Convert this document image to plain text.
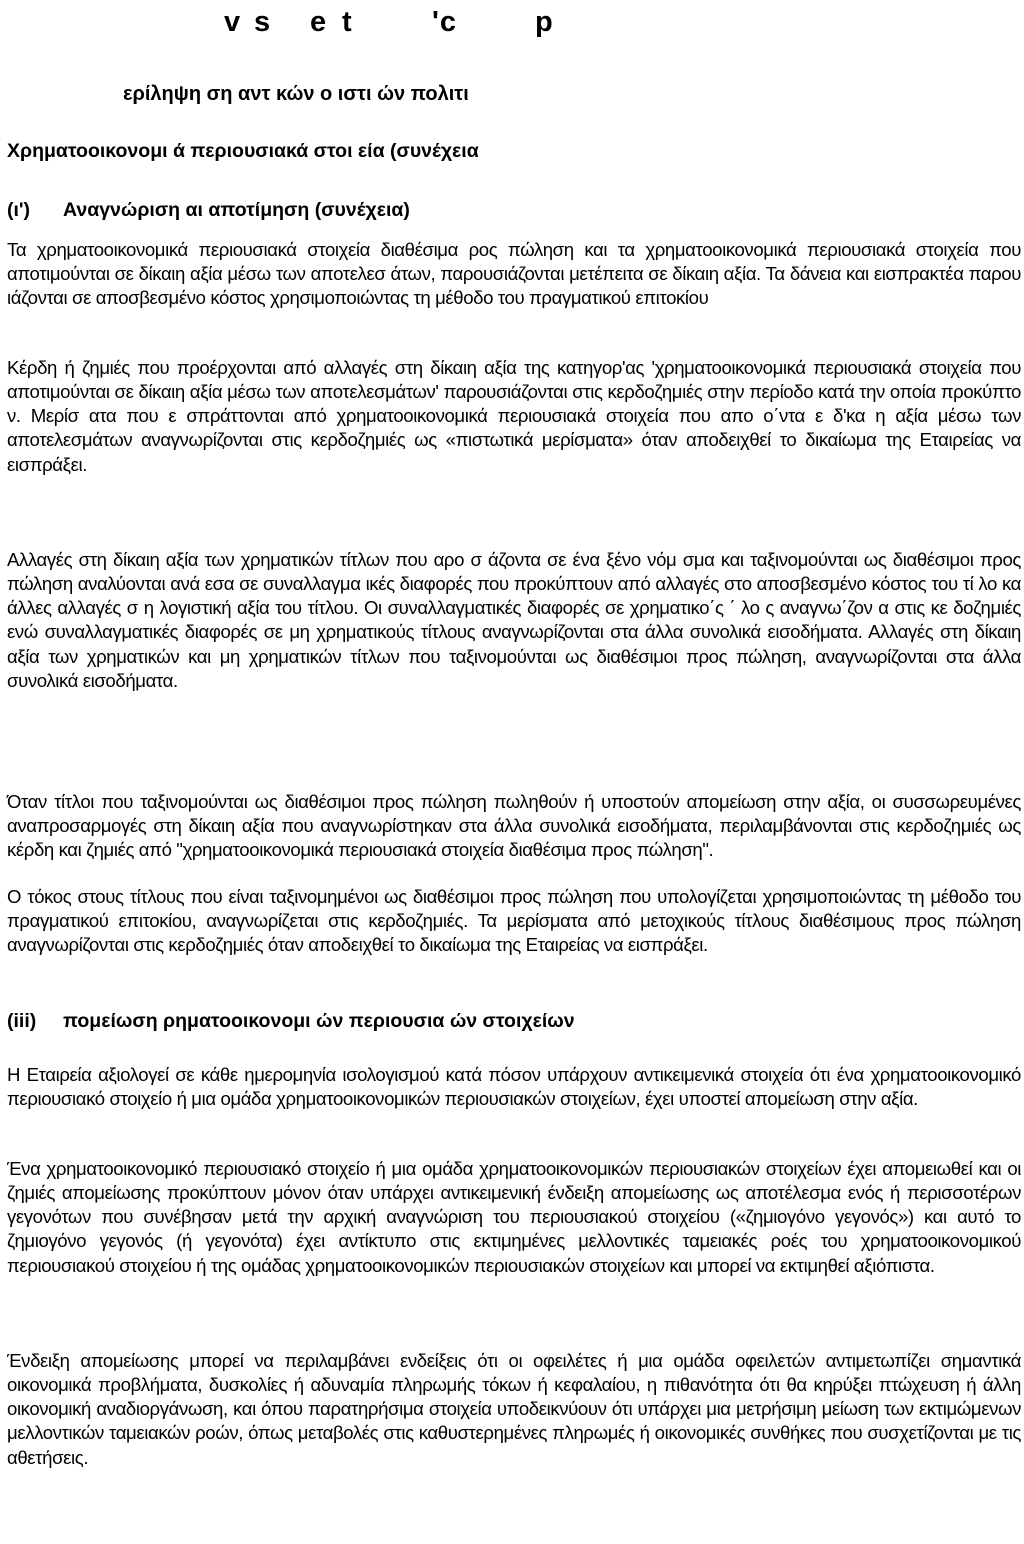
v s e t	'c	p
ερίληψη ση αντ κών ο ιστι ών πολιτι
Χρηματοοικονομι ά περιουσιακά στοι εία (συνέχεια
(ι') Αναγνώριση αι αποτίμηση (συνέχεια)

Τα χρηματοοικονομικά περιουσιακά στοιχεία διαθέσιμα ρος πώληση και τα χρηματοοικονομικά περιουσιακά στοιχεία που αποτιμούνται σε δίκαιη αξία μέσω των αποτελεσ άτων, παρουσιάζονται μετέπειτα σε δίκαιη αξία. Τα δάνεια και εισπρακτέα παρου ιάζονται σε αποσβεσμένο κόστος χρησιμοποιώντας τη μέθοδο του πραγματικού επιτοκίου

Κέρδη ή ζημιές που προέρχονται από αλλαγές στη δίκαιη αξία της κατηγορ'ας 'χρηματοοικονομικά περιουσιακά στοιχεία που αποτιμούνται σε δίκαιη αξία μέσω των αποτελεσμάτων' παρουσιάζονται στις κερδοζημιές στην περίοδο κατά την οποία προκύπτο ν. Μερίσ ατα που ε σπράττονται από χρηματοοικονομικά περιουσιακά στοιχεία που απο ο΄ντα ε δ'κα η αξία μέσω των αποτελεσμάτων αναγνωρίζονται στις κερδοζημιές ως «πιστωτικά μερίσματα» όταν αποδειχθεί το δικαίωμα της Εταιρείας να εισπράξει.

Αλλαγές στη δίκαιη αξία των χρηματικών τίτλων που αρο σ άζοντα σε ένα ξένο νόμ σμα και ταξινομούνται ως διαθέσιμοι προς πώληση αναλύονται ανά εσα σε συναλλαγμα ικές διαφορές που προκύπτουν από αλλαγές στο αποσβεσμένο κόστος του τί λο κα άλλες αλλαγές σ η λογιστική αξία του τίτλου. Οι συναλλαγματικές διαφορές σε χρηματικο΄ς ΄ λο ς αναγνω΄ζον α στις κε δοζημιές ενώ συναλλαγματικές διαφορές σε μη χρηματικούς τίτλους αναγνωρίζονται στα άλλα συνολικά εισοδήματα. Αλλαγές στη δίκαιη αξία των χρηματικών και μη χρηματικών τίτλων που ταξινομούνται ως διαθέσιμοι προς πώληση, αναγνωρίζονται στα άλλα συνολικά εισοδήματα.

Όταν τίτλοι που ταξινομούνται ως διαθέσιμοι προς πώληση πωληθούν ή υποστούν απομείωση στην αξία, οι συσσωρευμένες αναπροσαρμογές στη δίκαιη αξία που αναγνωρίστηκαν στα άλλα συνολικά εισοδήματα, περιλαμβάνονται στις κερδοζημιές ως κέρδη και ζημιές από "χρηματοοικονομικά περιουσιακά στοιχεία διαθέσιμα προς πώληση".

Ο τόκος στους τίτλους που είναι ταξινομημένοι ως διαθέσιμοι προς πώληση που υπολογίζεται χρησιμοποιώντας τη μέθοδο του πραγματικού επιτοκίου, αναγνωρίζεται στις κερδοζημιές. Τα μερίσματα από μετοχικούς τίτλους διαθέσιμους προς πώληση αναγνωρίζονται στις κερδοζημιές όταν αποδειχθεί το δικαίωμα της Εταιρείας να εισπράξει.

(iii) πομείωση ρηματοοικονομι ών περιουσια ών στοιχείων

Η Εταιρεία αξιολογεί σε κάθε ημερομηνία ισολογισμού κατά πόσον υπάρχουν αντικειμενικά στοιχεία ότι ένα χρηματοοικονομικό περιουσιακό στοιχείο ή μια ομάδα χρηματοοικονομικών περιουσιακών στοιχείων, έχει υποστεί απομείωση στην αξία.

Ένα χρηματοοικονομικό περιουσιακό στοιχείο ή μια ομάδα χρηματοοικονομικών περιουσιακών στοιχείων έχει απομειωθεί και οι ζημιές απομείωσης προκύπτουν μόνον όταν υπάρχει αντικειμενική ένδειξη απομείωσης ως αποτέλεσμα ενός ή περισσοτέρων γεγονότων που συνέβησαν μετά την αρχική αναγνώριση του περιουσιακού στοιχείου («ζημιογόνο γεγονός») και αυτό το ζημιογόνο γεγονός (ή γεγονότα) έχει αντίκτυπο στις εκτιμημένες μελλοντικές ταμειακές ροές του χρηματοοικονομικού περιουσιακού στοιχείου ή της ομάδας χρηματοοικονομικών περιουσιακών στοιχείων και μπορεί να εκτιμηθεί αξιόπιστα.

Ένδειξη απομείωσης μπορεί να περιλαμβάνει ενδείξεις ότι οι οφειλέτες ή μια ομάδα οφειλετών αντιμετωπίζει σημαντικά οικονομικά προβλήματα, δυσκολίες ή αδυναμία πληρωμής τόκων ή κεφαλαίου, η πιθανότητα ότι θα κηρύξει πτώχευση ή άλλη οικονομική αναδιοργάνωση, και όπου παρατηρήσιμα στοιχεία υποδεικνύουν ότι υπάρχει μια μετρήσιμη μείωση των εκτιμώμενων μελλοντικών ταμειακών ροών, όπως μεταβολές στις καθυστερημένες πληρωμές ή οικονομικές συνθήκες που συσχετίζονται με τις αθετήσεις.
